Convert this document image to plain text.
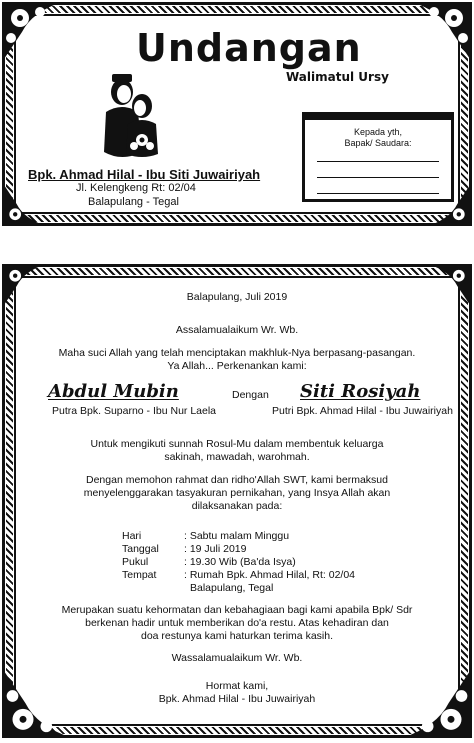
Undangan
Walimatul Ursy
Bpk. Ahmad Hilal - Ibu Siti Juwairiyah
Jl. Kelengkeng Rt: 02/04
Balapulang - Tegal
Kepada yth,
Bapak/ Saudara:
Balapulang, Juli 2019
Assalamualaikum Wr. Wb.
Maha suci Allah yang telah menciptakan makhluk-Nya berpasang-pasangan.
Ya Allah... Perkenankan kami:
Abdul Mubin	Dengan Siti Rosiyah
Putra Bpk. Suparno - Ibu Nur Laela	Putri Bpk. Ahmad Hilal - Ibu Juwairiyah
Untuk mengikuti sunnah Rosul-Mu dalam membentuk keluarga
sakinah, mawadah, warohmah.
Dengan memohon rahmat dan ridho'Allah SWT, kami bermaksud
menyelenggarakan tasyakuran pernikahan, yang Insya Allah akan
dilaksanakan pada:
Hari	: Sabtu malam Minggu
Tanggal : 19 Juli 2019
Pukul	: 19.30 Wib (Ba'da Isya)
Tempat	: Rumah Bpk. Ahmad Hilal, Rt: 02/04
Balapulang, Tegal
Merupakan suatu kehormatan dan kebahagiaan bagi kami apabila Bpk/ Sdr
berkenan hadir untuk memberikan do'a restu. Atas kehadiran dan
doa restunya kami haturkan terima kasih.
Wassalamualaikum Wr. Wb.
Hormat kami,
Bpk. Ahmad Hilal - Ibu Juwairiyah
